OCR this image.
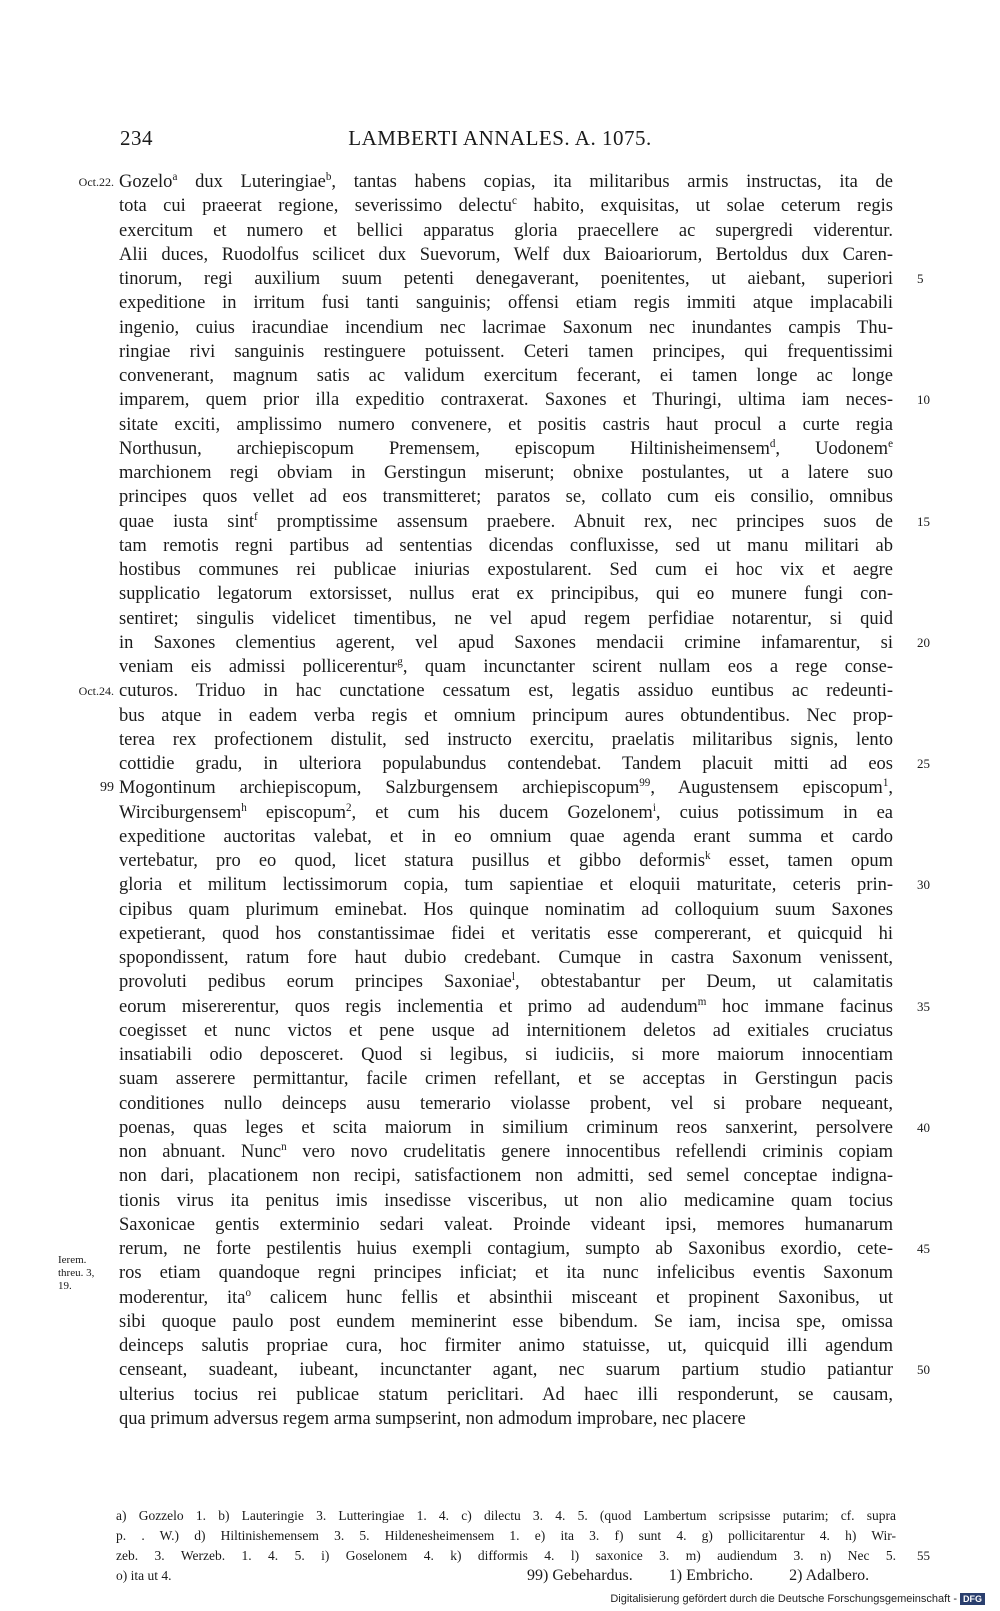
234	LAMBERTI ANNALES. A. 1075.
Oct.22. Gozelo$^a$ dux Luteringiae$^b$, tantas habens copias, ita militaribus armis instructas, ita de
tota cui praeerat regione, severissimo delectu$^c$ habito, exquisitas, ut solae ceterum regis
exercitum et numero et bellici apparatus gloria praecellere ac supergredi viderentur.
Alii duces, Ruodolfus scilicet dux Suevorum, Welf dux Baioariorum, Bertoldus dux Caren-
tinorum, regi auxilium suum petenti denegaverant, poenitentes, ut aiebant, superiori 5
expeditione in irritum fusi tanti sanguinis; offensi etiam regis immiti atque implacabili
ingenio, cuius iracundiae incendium nec lacrimae Saxonum nec inundantes campis Thu-
ringiae rivi sanguinis restinguere potuissent. Ceteri tamen principes, qui frequentissimi
convenerant, magnum satis ac validum exercitum fecerant, ei tamen longe ac longe
imparem, quem prior illa expeditio contraxerat. Saxones et Thuringi, ultima iam neces- 10
sitate exciti, amplissimo numero convenere, et positis castris haut procul a curte regia
Northusun, archiepiscopum Premensem, episcopum Hiltinisheimensem$^d$, Uodonem$^e$
marchionem regi obviam in Gerstingun miserunt; obnixe postulantes, ut a latere suo
principes quos vellet ad eos transmitteret; paratos se, collato cum eis consilio, omnibus
quae iusta sint$^f$ promptissime assensum praebere. Abnuit rex, nec principes suos de 15
tam remotis regni partibus ad sententias dicendas confluxisse, sed ut manu militari ab
hostibus communes rei publicae iniurias expostularent. Sed cum ei hoc vix et aegre
supplicatio legatorum extorsisset, nullus erat ex principibus, qui eo munere fungi con-
sentiret; singulis videlicet timentibus, ne vel apud regem perfidiae notarentur, si quid
in Saxones clementius agerent, vel apud Saxones mendacii crimine infamarentur, si 20
veniam eis admissi pollicerentur$^g$, quam incunctanter scirent nullam eos a rege conse-
Oct.24. cuturos. Triduo in hac cunctatione cessatum est, legatis assiduo euntibus ac redeunti-
bus atque in eadem verba regis et omnium principum aures obtundentibus. Nec prop-
terea rex profectionem distulit, sed instructo exercitu, praelatis militaribus signis, lento
cottidie gradu, in ulteriora populabundus contendebat. Tandem placuit mitti ad eos 25
99 Mogontinum archiepiscopum, Salzburgensem archiepiscopum$^{99}$, Augustensem episcopum$^1$,
Wirciburgensem$^h$ episcopum$^2$, et cum his ducem Gozelonem$^i$, cuius potissimum in ea
expeditione auctoritas valebat, et in eo omnium quae agenda erant summa et cardo
vertebatur, pro eo quod, licet statura pusillus et gibbo deformis$^k$ esset, tamen opum
gloria et militum lectissimorum copia, tum sapientiae et eloquii maturitate, ceteris prin- 30
cipibus quam plurimum eminebat. Hos quinque nominatim ad colloquium suum Saxones
expetierant, quod hos constantissimae fidei et veritatis esse compererant, et quicquid hi
spopondissent, ratum fore haut dubio credebant. Cumque in castra Saxonum venissent,
provoluti pedibus eorum principes Saxoniae$^l$, obtestabantur per Deum, ut calamitatis
eorum misererentur, quos regis inclementia et primo ad audendum$^m$ hoc immane facinus 35
coegisset et nunc victos et pene usque ad internitionem deletos ad exitiales cruciatus
insatiabili odio deposceret. Quod si legibus, si iudiciis, si more maiorum innocentiam
suam asserere permittantur, facile crimen refellant, et se acceptas in Gerstingun pacis
conditiones nullo deinceps ausu temerario violasse probent, vel si probare nequeant,
poenas, quas leges et scita maiorum in similium criminum reos sanxerint, persolvere 40
non abnuant. Nunc$^n$ vero novo crudelitatis genere innocentibus refellendi criminis copiam
non dari, placationem non recipi, satisfactionem non admitti, sed semel conceptae indigna-
tionis virus ita penitus imis insedisse visceribus, ut non alio medicamine quam tocius
Saxonicae gentis exterminio sedari valeat. Proinde videant ipsi, memores humanarum
rerum, ne forte pestilentis huius exempli contagium, sumpto ab Saxonibus exordio, cete- 45
ros etiam quandoque regni principes inficiat; et ita nunc infelicibus eventis Saxonum
moderentur, ita$^o$ calicem hunc fellis et absinthii misceant et propinent Saxonibus, ut
sibi quoque paulo post eundem meminerint esse bibendum. Se iam, incisa spe, omissa
deinceps salutis propriae cura, hoc firmiter animo statuisse, ut, quicquid illi agendum
censeant, suadeant, iubeant, incunctanter agant, nec suarum partium studio patiantur 50
ulterius tocius rei publicae statum periclitari. Ad haec illi responderunt, se causam,
qua primum adversus regem arma sumpserint, non admodum improbare, nec placere
Ierem. threu. 3, 19.
a) Gozzelo 1. b) Lauteringie 3. Lutteringiae 1. 4. c) dilectu 3. 4. 5. (quod Lambertum scripsisse putarim; cf. supra
p. . W.) d) Hiltinishemensem 3. 5. Hildenesheimensem 1. e) ita 3. f) sunt 4. g) pollicitarentur 4. h) Wir-
zeb. 3. Werzeb. 1. 4. 5. i) Goselonem 4. k) difformis 4. l) saxonice 3. m) audiendum 3. n) Nec 5. 55
o) ita ut 4.	99) Gebehardus. 1) Embricho. 2) Adalbero.
Digitalisierung gefördert durch die Deutsche Forschungsgemeinschaft - DFG
